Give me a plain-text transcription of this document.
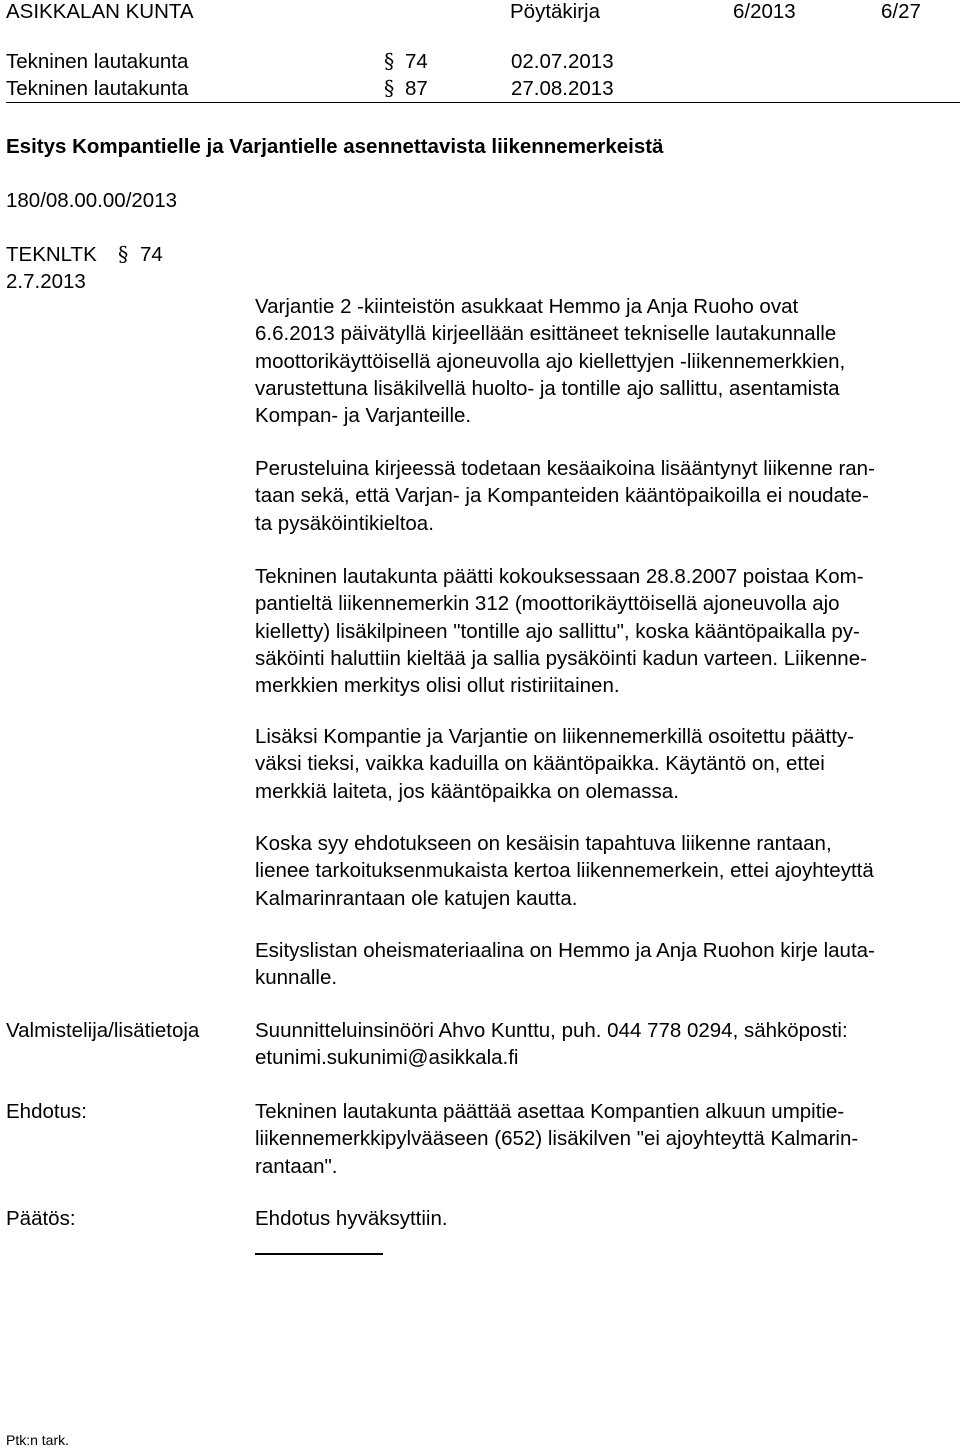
ASIKKALAN KUNTA	Pöytäkirja	6/2013	6/27
Tekninen lautakunta	§ 74	02.07.2013
Tekninen lautakunta	§ 87	27.08.2013
Esitys Kompantielle ja Varjantielle asennettavista liikennemerkeistä
180/08.00.00/2013
TEKNLTK § 74
2.7.2013
Varjantie 2 -kiinteistön asukkaat Hemmo ja Anja Ruoho ovat
6.6.2013 päivätyllä kirjeellään esittäneet tekniselle lautakunnalle
moottorikäyttöisellä ajoneuvolla ajo kiellettyjen -liikennemerkkien,
varustettuna lisäkilvellä huolto- ja tontille ajo sallittu, asentamista
Kompan- ja Varjanteille.
Perusteluina kirjeessä todetaan kesäaikoina lisääntynyt liikenne ran-
taan sekä, että Varjan- ja Kompanteiden kääntöpaikoilla ei noudate-
ta pysäköintikieltoa.
Tekninen lautakunta päätti kokouksessaan 28.8.2007 poistaa Kom-
pantieltä liikennemerkin 312 (moottorikäyttöisellä ajoneuvolla ajo
kielletty) lisäkilpineen "tontille ajo sallittu", koska kääntöpaikalla py-
säköinti haluttiin kieltää ja sallia pysäköinti kadun varteen. Liikenne-
merkkien merkitys olisi ollut ristiriitainen.
Lisäksi Kompantie ja Varjantie on liikennemerkillä osoitettu päätty-
väksi tieksi, vaikka kaduilla on kääntöpaikka. Käytäntö on, ettei
merkkiä laiteta, jos kääntöpaikka on olemassa.
Koska syy ehdotukseen on kesäisin tapahtuva liikenne rantaan,
lienee tarkoituksenmukaista kertoa liikennemerkein, ettei ajoyhteyttä
Kalmarinrantaan ole katujen kautta.
Esityslistan oheismateriaalina on Hemmo ja Anja Ruohon kirje lauta-
kunnalle.
Valmistelija/lisätietoja	Suunnitteluinsinööri Ahvo Kunttu, puh. 044 778 0294, sähköposti:
etunimi.sukunimi@asikkala.fi
Ehdotus:	Tekninen lautakunta päättää asettaa Kompantien alkuun umpitie-
liikennemerkkipylvääseen (652) lisäkilven "ei ajoyhteyttä Kalmarin-
rantaan".
Päätös:	Ehdotus hyväksyttiin.
Ptk:n tark.
